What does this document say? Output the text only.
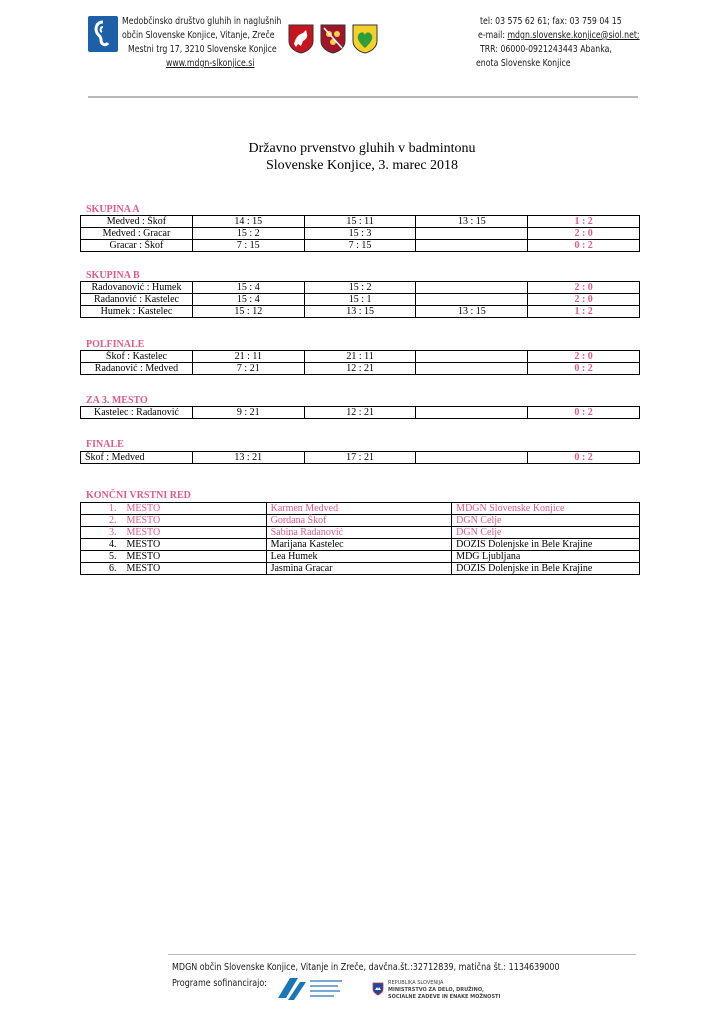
Medobčinsko društvo gluhih in naglušnih
občin Slovenske Konjice, Vitanje, Zreče
Mestni trg 17, 3210 Slovenske Konjice
www.mdgn-slkonjice.si
tel: 03 575 62 61; fax: 03 759 04 15
e-mail: mdgn.slovenske.konjice@siol.net;
TRR: 06000-0921243443 Abanka,
enota Slovenske Konjice
Državno prvenstvo gluhih v badmintonu
Slovenske Konjice, 3. marec 2018
SKUPINA A
Medved : Škof	14 : 15	15 : 11	13 : 15	1 : 2
Medved : Gracar	15 : 2	15 : 3		2 : 0
Gracar : Škof	7 : 15	7 : 15		0 : 2
SKUPINA B
Radovanović : Humek	15 : 4	15 : 2		2 : 0
Radanović : Kastelec	15 : 4	15 : 1		2 : 0
Humek : Kastelec	15 : 12	13 : 15	13 : 15	1 : 2
POLFINALE
Škof : Kastelec	21 : 11	21 : 11		2 : 0
Radanović : Medved	7 : 21	12 : 21		0 : 2
ZA 3. MESTO
Kastelec : Radanović	9 : 21	12 : 21		0 : 2
FINALE
Škof : Medved	13 : 21	17 : 21		0 : 2
KONČNI VRSTNI RED
1. MESTO	Karmen Medved	MDGN Slovenske Konjice
2. MESTO	Gordana Škof	DGN Celje
3. MESTO	Sabina Radanović	DGN Celje
4. MESTO	Marijana Kastelec	DOZIS Dolenjske in Bele Krajine
5. MESTO	Lea Humek	MDG Ljubljana
6. MESTO	Jasmina Gracar	DOZIS Dolenjske in Bele Krajine
MDGN občin Slovenske Konjice, Vitanje in Zreče, davčna.št.:32712839, matična št.: 1134639000
Programe sofinancirajo:	REPUBLIKA SLOVENIJA
MINISTRSTVO ZA DELO, DRUŽINO,
SOCIALNE ZADEVE IN ENAKE MOŽNOSTI
